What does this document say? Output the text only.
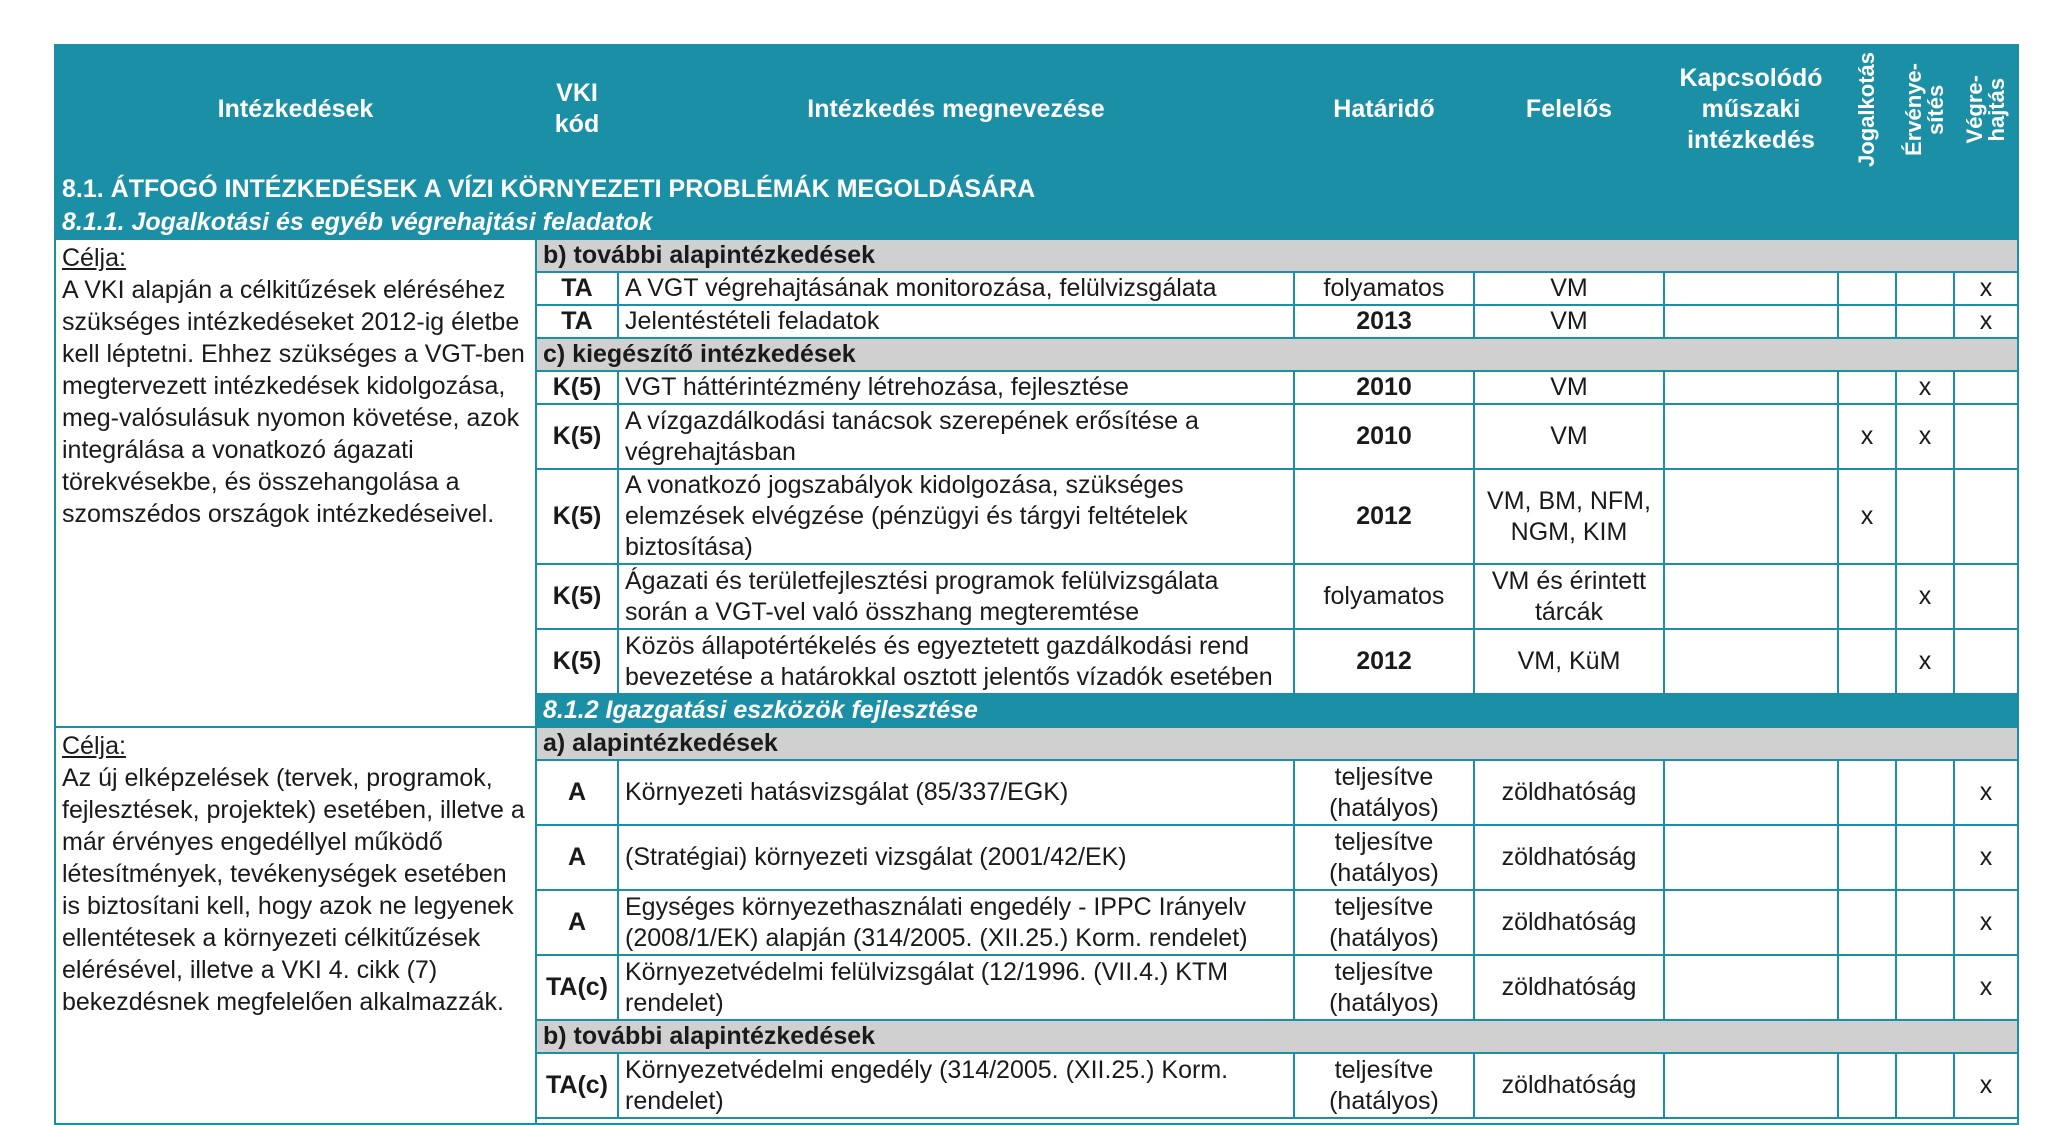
Intézkedések	VKI
kód	Intézkedés megnevezése	Határidő	Felelős	Kapcsolódó
műszaki
intézkedés	Jogalkotás	Érvénye-
sítés	Végre-
hajtás

8.1. ÁTFOGÓ INTÉZKEDÉSEK A VÍZI KÖRNYEZETI PROBLÉMÁK MEGOLDÁSÁRA								
8.1.1. Jogalkotási és egyéb végrehajtási feladatok								

Célja:
A VKI alapján a célkitűzések eléréséhez szükséges intézkedéseket 2012-ig életbe kell léptetni. Ehhez szükséges a VGT-ben megtervezett intézkedések kidolgozása, meg-valósulásuk nyomon követése, azok integrálása a vonatkozó ágazati törekvésekbe, és összehangolása a szomszédos országok intézkedéseivel.	b) további alapintézkedések							
	TA	A VGT végrehajtásának monitorozása, felülvizsgálata	folyamatos	VM				x
	TA	Jelentéstételi feladatok	2013	VM				x
	c) kiegészítő intézkedések							
	K(5)	VGT háttérintézmény létrehozása, fejlesztése	2010	VM			x	
	K(5)	A vízgazdálkodási tanácsok szerepének erősítése a végrehajtásban	2010	VM		x	x	
	K(5)	A vonatkozó jogszabályok kidolgozása, szükséges elemzések elvégzése (pénzügyi és tárgyi feltételek biztosítása)	2012	VM, BM, NFM, NGM, KIM		x		
	K(5)	Ágazati és területfejlesztési programok felülvizsgálata során a VGT-vel való összhang megteremtése	folyamatos	VM és érintett tárcák			x	
	K(5)	Közös állapotértékelés és egyeztetett gazdálkodási rend bevezetése a határokkal osztott jelentős vízadók esetében	2012	VM, KüM			x	
	8.1.2 Igazgatási eszközök fejlesztése							

Célja:
Az új elképzelések (tervek, programok, fejlesztések, projektek) esetében, illetve a már érvényes engedéllyel működő létesítmények, tevékenységek esetében is biztosítani kell, hogy azok ne legyenek ellentétesek a környezeti célkitűzések elérésével, illetve a VKI 4. cikk (7) bekezdésnek megfelelően alkalmazzák.	a) alapintézkedések							
	A	Környezeti hatásvizsgálat (85/337/EGK)	teljesítve (hatályos)	zöldhatóság				x
	A	(Stratégiai) környezeti vizsgálat (2001/42/EK)	teljesítve (hatályos)	zöldhatóság				x
	A	Egységes környezethasználati engedély - IPPC Irányelv (2008/1/EK) alapján (314/2005. (XII.25.) Korm. rendelet)	teljesítve (hatályos)	zöldhatóság				x
	TA(c)	Környezetvédelmi felülvizsgálat (12/1996. (VII.4.) KTM rendelet)	teljesítve (hatályos)	zöldhatóság				x
	b) további alapintézkedések							
	TA(c)	Környezetvédelmi engedély (314/2005. (XII.25.) Korm. rendelet)	teljesítve (hatályos)	zöldhatóság				x
